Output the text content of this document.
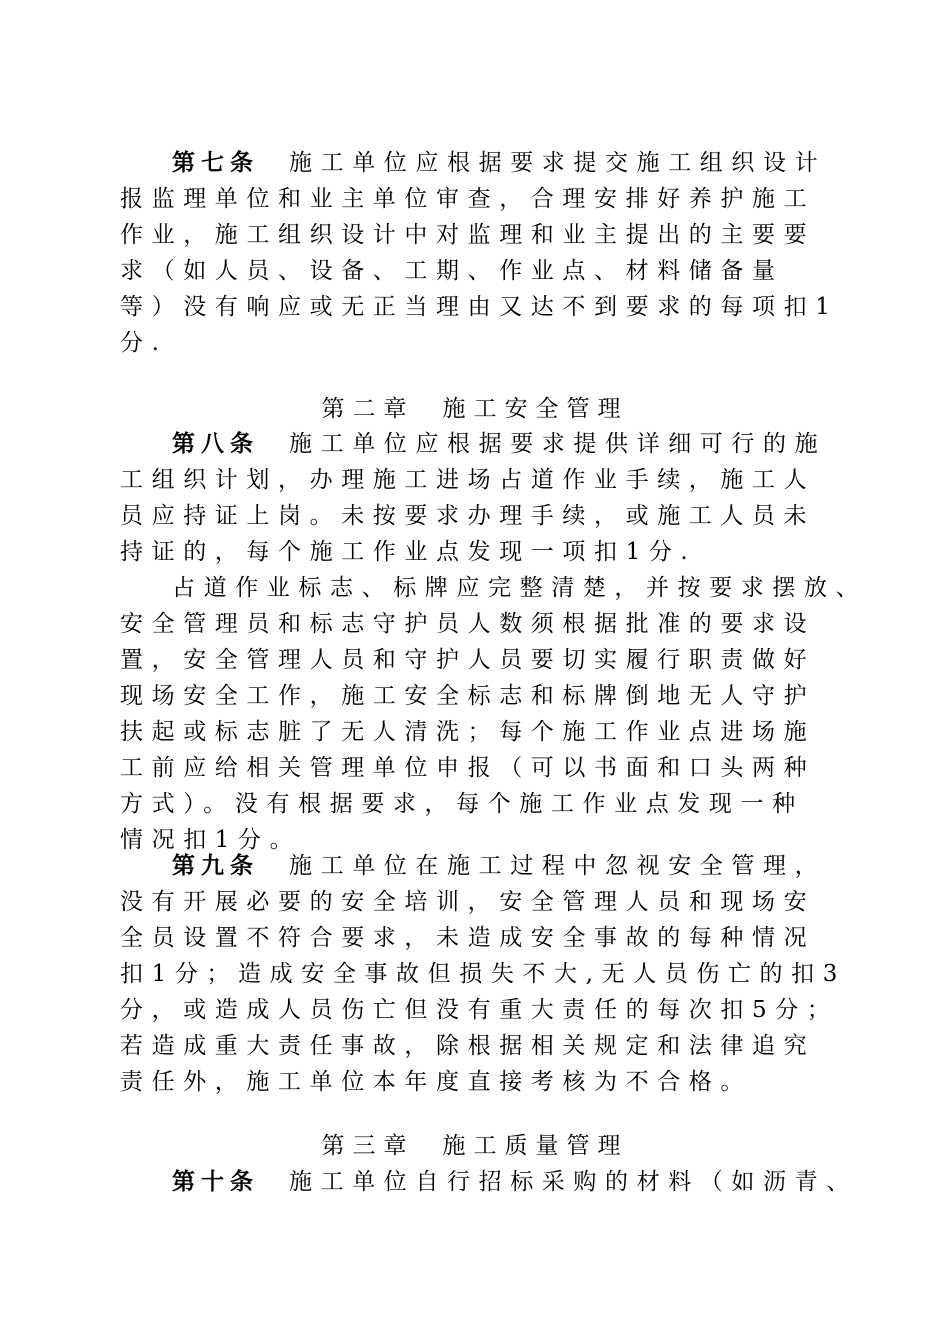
第七条 施工单位应根据要求提交施工组织设计
报监理单位和业主单位审查，合理安排好养护施工
作业，施工组织设计中对监理和业主提出的主要要
求（如人员、设备、工期、作业点、材料储备量
等）没有响应或无正当理由又达不到要求的每项扣1
分.
第二章 施工安全管理
第八条 施工单位应根据要求提供详细可行的施
工组织计划，办理施工进场占道作业手续，施工人
员应持证上岗。未按要求办理手续，或施工人员未
持证的，每个施工作业点发现一项扣1分.
占道作业标志、标牌应完整清楚，并按要求摆放、
安全管理员和标志守护员人数须根据批准的要求设
置，安全管理人员和守护人员要切实履行职责做好
现场安全工作，施工安全标志和标牌倒地无人守护
扶起或标志脏了无人清洗；每个施工作业点进场施
工前应给相关管理单位申报（可以书面和口头两种
方式）。没有根据要求，每个施工作业点发现一种
情况扣1分。
第九条 施工单位在施工过程中忽视安全管理，
没有开展必要的安全培训，安全管理人员和现场安
全员设置不符合要求，未造成安全事故的每种情况
扣1分；造成安全事故但损失不大,无人员伤亡的扣3
分，或造成人员伤亡但没有重大责任的每次扣5分；
若造成重大责任事故，除根据相关规定和法律追究
责任外，施工单位本年度直接考核为不合格。
第三章 施工质量管理
第十条 施工单位自行招标采购的材料（如沥青、
